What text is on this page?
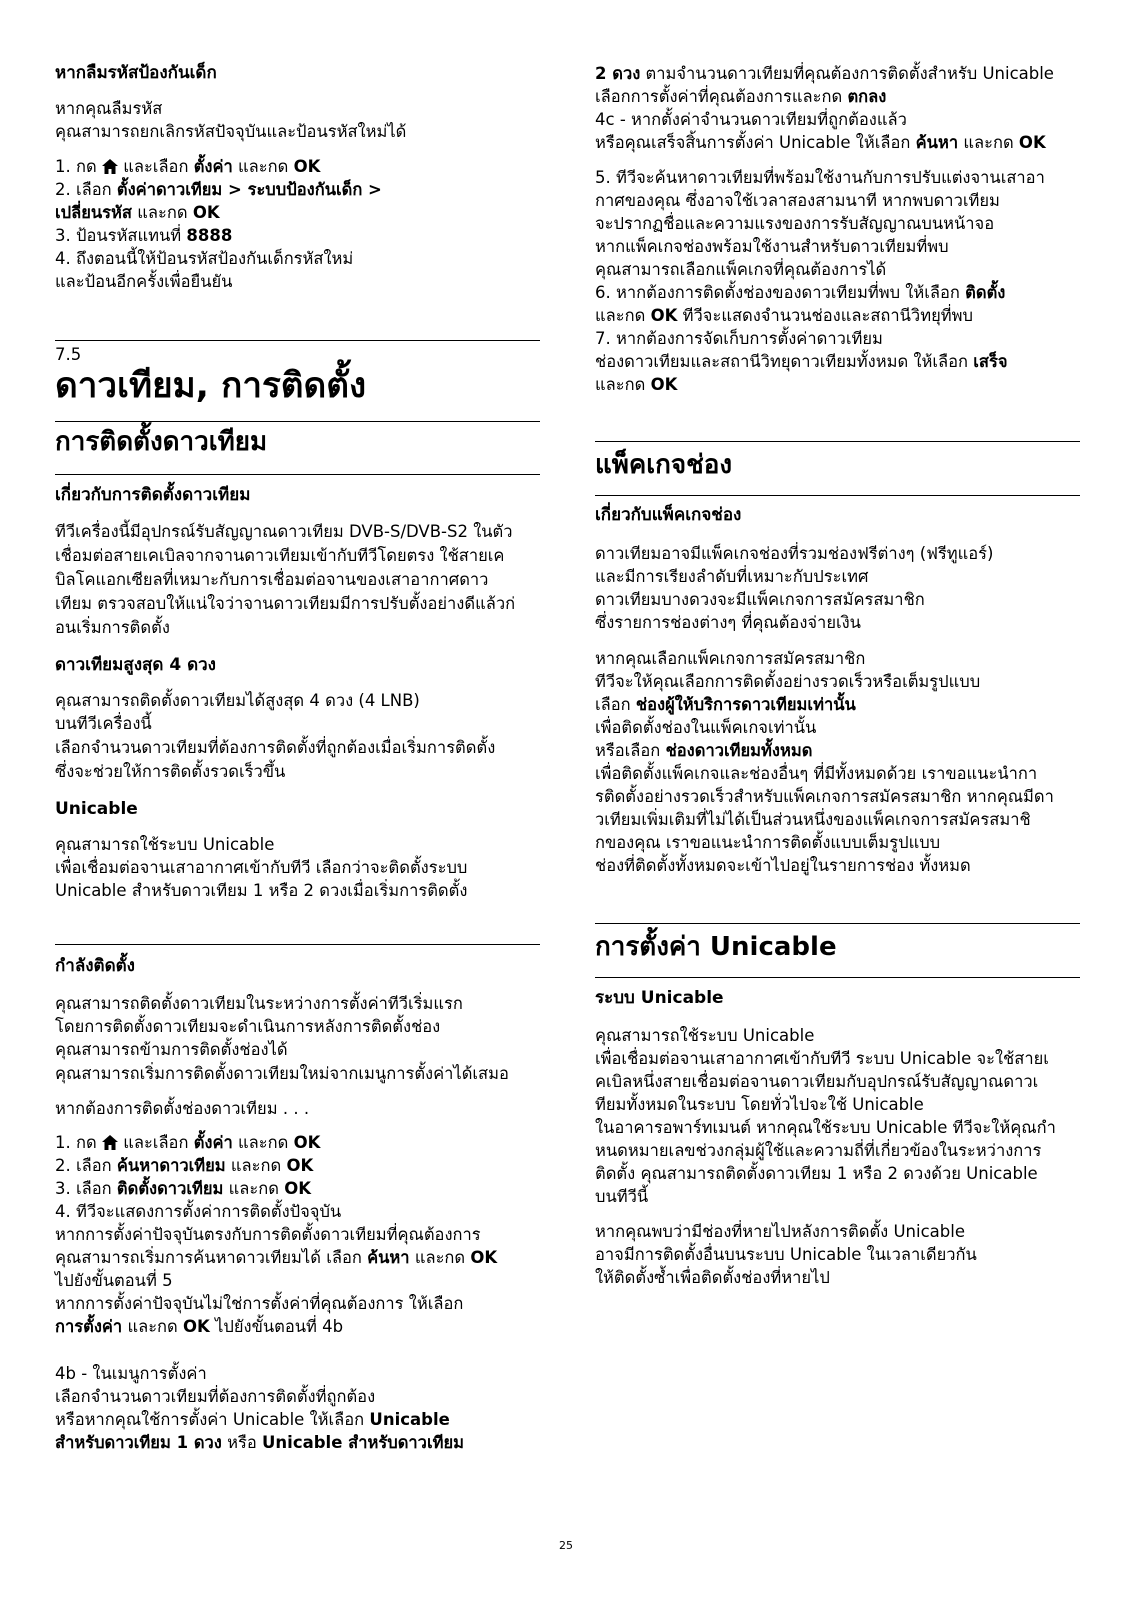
หากลืมรหัสป้องกันเด็ก
หากคุณลืมรหัส
คุณสามารถยกเลิกรหัสปัจจุบันและป้อนรหัสใหม่ได้
1. กด และเลือก ตั้งค่า และกด OK
2. เลือก ตั้งค่าดาวเทียม > ระบบป้องกันเด็ก >
เปลี่ยนรหัส และกด OK
3. ป้อนรหัสแทนที่ 8888
4. ถึงตอนนี้ให้ป้อนรหัสป้องกันเด็กรหัสใหม่
และป้อนอีกครั้งเพื่อยืนยัน
7.5
ดาวเทียม, การติดตั้ง
การติดตั้งดาวเทียม
เกี่ยวกับการติดตั้งดาวเทียม
ทีวีเครื่องนี้มีอุปกรณ์รับสัญญาณดาวเทียม DVB-S/DVB-S2 ในตัว
เชื่อมต่อสายเคเบิลจากจานดาวเทียมเข้ากับทีวีโดยตรง ใช้สายเค
บิลโคแอกเซียลที่เหมาะกับการเชื่อมต่อจานของเสาอากาศดาว
เทียม ตรวจสอบให้แน่ใจว่าจานดาวเทียมมีการปรับตั้งอย่างดีแล้วก่
อนเริ่มการติดตั้ง
ดาวเทียมสูงสุด 4 ดวง
คุณสามารถติดตั้งดาวเทียมได้สูงสุด 4 ดวง (4 LNB)
บนทีวีเครื่องนี้
เลือกจำนวนดาวเทียมที่ต้องการติดตั้งที่ถูกต้องเมื่อเริ่มการติดตั้ง
ซึ่งจะช่วยให้การติดตั้งรวดเร็วขึ้น
Unicable
คุณสามารถใช้ระบบ Unicable
เพื่อเชื่อมต่อจานเสาอากาศเข้ากับทีวี เลือกว่าจะติดตั้งระบบ
Unicable สำหรับดาวเทียม 1 หรือ 2 ดวงเมื่อเริ่มการติดตั้ง
กำลังติดตั้ง
คุณสามารถติดตั้งดาวเทียมในระหว่างการตั้งค่าทีวีเริ่มแรก
โดยการติดตั้งดาวเทียมจะดำเนินการหลังการติดตั้งช่อง
คุณสามารถข้ามการติดตั้งช่องได้
คุณสามารถเริ่มการติดตั้งดาวเทียมใหม่จากเมนูการตั้งค่าได้เสมอ
หากต้องการติดตั้งช่องดาวเทียม . . .
1. กด และเลือก ตั้งค่า และกด OK
2. เลือก ค้นหาดาวเทียม และกด OK
3. เลือก ติดตั้งดาวเทียม และกด OK
4. ทีวีจะแสดงการตั้งค่าการติดตั้งปัจจุบัน
หากการตั้งค่าปัจจุบันตรงกับการติดตั้งดาวเทียมที่คุณต้องการ
คุณสามารถเริ่มการค้นหาดาวเทียมได้ เลือก ค้นหา และกด OK
ไปยังขั้นตอนที่ 5
หากการตั้งค่าปัจจุบันไม่ใช่การตั้งค่าที่คุณต้องการ ให้เลือก
การตั้งค่า และกด OK ไปยังขั้นตอนที่ 4b
4b - ในเมนูการตั้งค่า
เลือกจำนวนดาวเทียมที่ต้องการติดตั้งที่ถูกต้อง
หรือหากคุณใช้การตั้งค่า Unicable ให้เลือก Unicable
สำหรับดาวเทียม 1 ดวง หรือ Unicable สำหรับดาวเทียม
2 ดวง ตามจำนวนดาวเทียมที่คุณต้องการติดตั้งสำหรับ Unicable
เลือกการตั้งค่าที่คุณต้องการและกด ตกลง
4c - หากตั้งค่าจำนวนดาวเทียมที่ถูกต้องแล้ว
หรือคุณเสร็จสิ้นการตั้งค่า Unicable ให้เลือก ค้นหา และกด OK
5. ทีวีจะค้นหาดาวเทียมที่พร้อมใช้งานกับการปรับแต่งจานเสาอา
กาศของคุณ ซึ่งอาจใช้เวลาสองสามนาที หากพบดาวเทียม
จะปรากฏชื่อและความแรงของการรับสัญญาณบนหน้าจอ
หากแพ็คเกจช่องพร้อมใช้งานสำหรับดาวเทียมที่พบ
คุณสามารถเลือกแพ็คเกจที่คุณต้องการได้
6. หากต้องการติดตั้งช่องของดาวเทียมที่พบ ให้เลือก ติดตั้ง
และกด OK ทีวีจะแสดงจำนวนช่องและสถานีวิทยุที่พบ
7. หากต้องการจัดเก็บการตั้งค่าดาวเทียม
ช่องดาวเทียมและสถานีวิทยุดาวเทียมทั้งหมด ให้เลือก เสร็จ
และกด OK
แพ็คเกจช่อง
เกี่ยวกับแพ็คเกจช่อง
ดาวเทียมอาจมีแพ็คเกจช่องที่รวมช่องฟรีต่างๆ (ฟรีทูแอร์)
และมีการเรียงลำดับที่เหมาะกับประเทศ
ดาวเทียมบางดวงจะมีแพ็คเกจการสมัครสมาชิก
ซึ่งรายการช่องต่างๆ ที่คุณต้องจ่ายเงิน
หากคุณเลือกแพ็คเกจการสมัครสมาชิก
ทีวีจะให้คุณเลือกการติดตั้งอย่างรวดเร็วหรือเต็มรูปแบบ
เลือก ช่องผู้ให้บริการดาวเทียมเท่านั้น
เพื่อติดตั้งช่องในแพ็คเกจเท่านั้น
หรือเลือก ช่องดาวเทียมทั้งหมด
เพื่อติดตั้งแพ็คเกจและช่องอื่นๆ ที่มีทั้งหมดด้วย เราขอแนะนำกา
รติดตั้งอย่างรวดเร็วสำหรับแพ็คเกจการสมัครสมาชิก หากคุณมีดา
วเทียมเพิ่มเติมที่ไม่ได้เป็นส่วนหนึ่งของแพ็คเกจการสมัครสมาชิ
กของคุณ เราขอแนะนำการติดตั้งแบบเต็มรูปแบบ
ช่องที่ติดตั้งทั้งหมดจะเข้าไปอยู่ในรายการช่อง ทั้งหมด
การตั้งค่า Unicable
ระบบ Unicable
คุณสามารถใช้ระบบ Unicable
เพื่อเชื่อมต่อจานเสาอากาศเข้ากับทีวี ระบบ Unicable จะใช้สายเ
คเบิลหนึ่งสายเชื่อมต่อจานดาวเทียมกับอุปกรณ์รับสัญญาณดาวเ
ทียมทั้งหมดในระบบ โดยทั่วไปจะใช้ Unicable
ในอาคารอพาร์ทเมนต์ หากคุณใช้ระบบ Unicable ทีวีจะให้คุณกำ
หนดหมายเลขช่วงกลุ่มผู้ใช้และความถี่ที่เกี่ยวข้องในระหว่างการ
ติดตั้ง คุณสามารถติดตั้งดาวเทียม 1 หรือ 2 ดวงด้วย Unicable
บนทีวีนี้
หากคุณพบว่ามีช่องที่หายไปหลังการติดตั้ง Unicable
อาจมีการติดตั้งอื่นบนระบบ Unicable ในเวลาเดียวกัน
ให้ติดตั้งซ้ำเพื่อติดตั้งช่องที่หายไป
25
